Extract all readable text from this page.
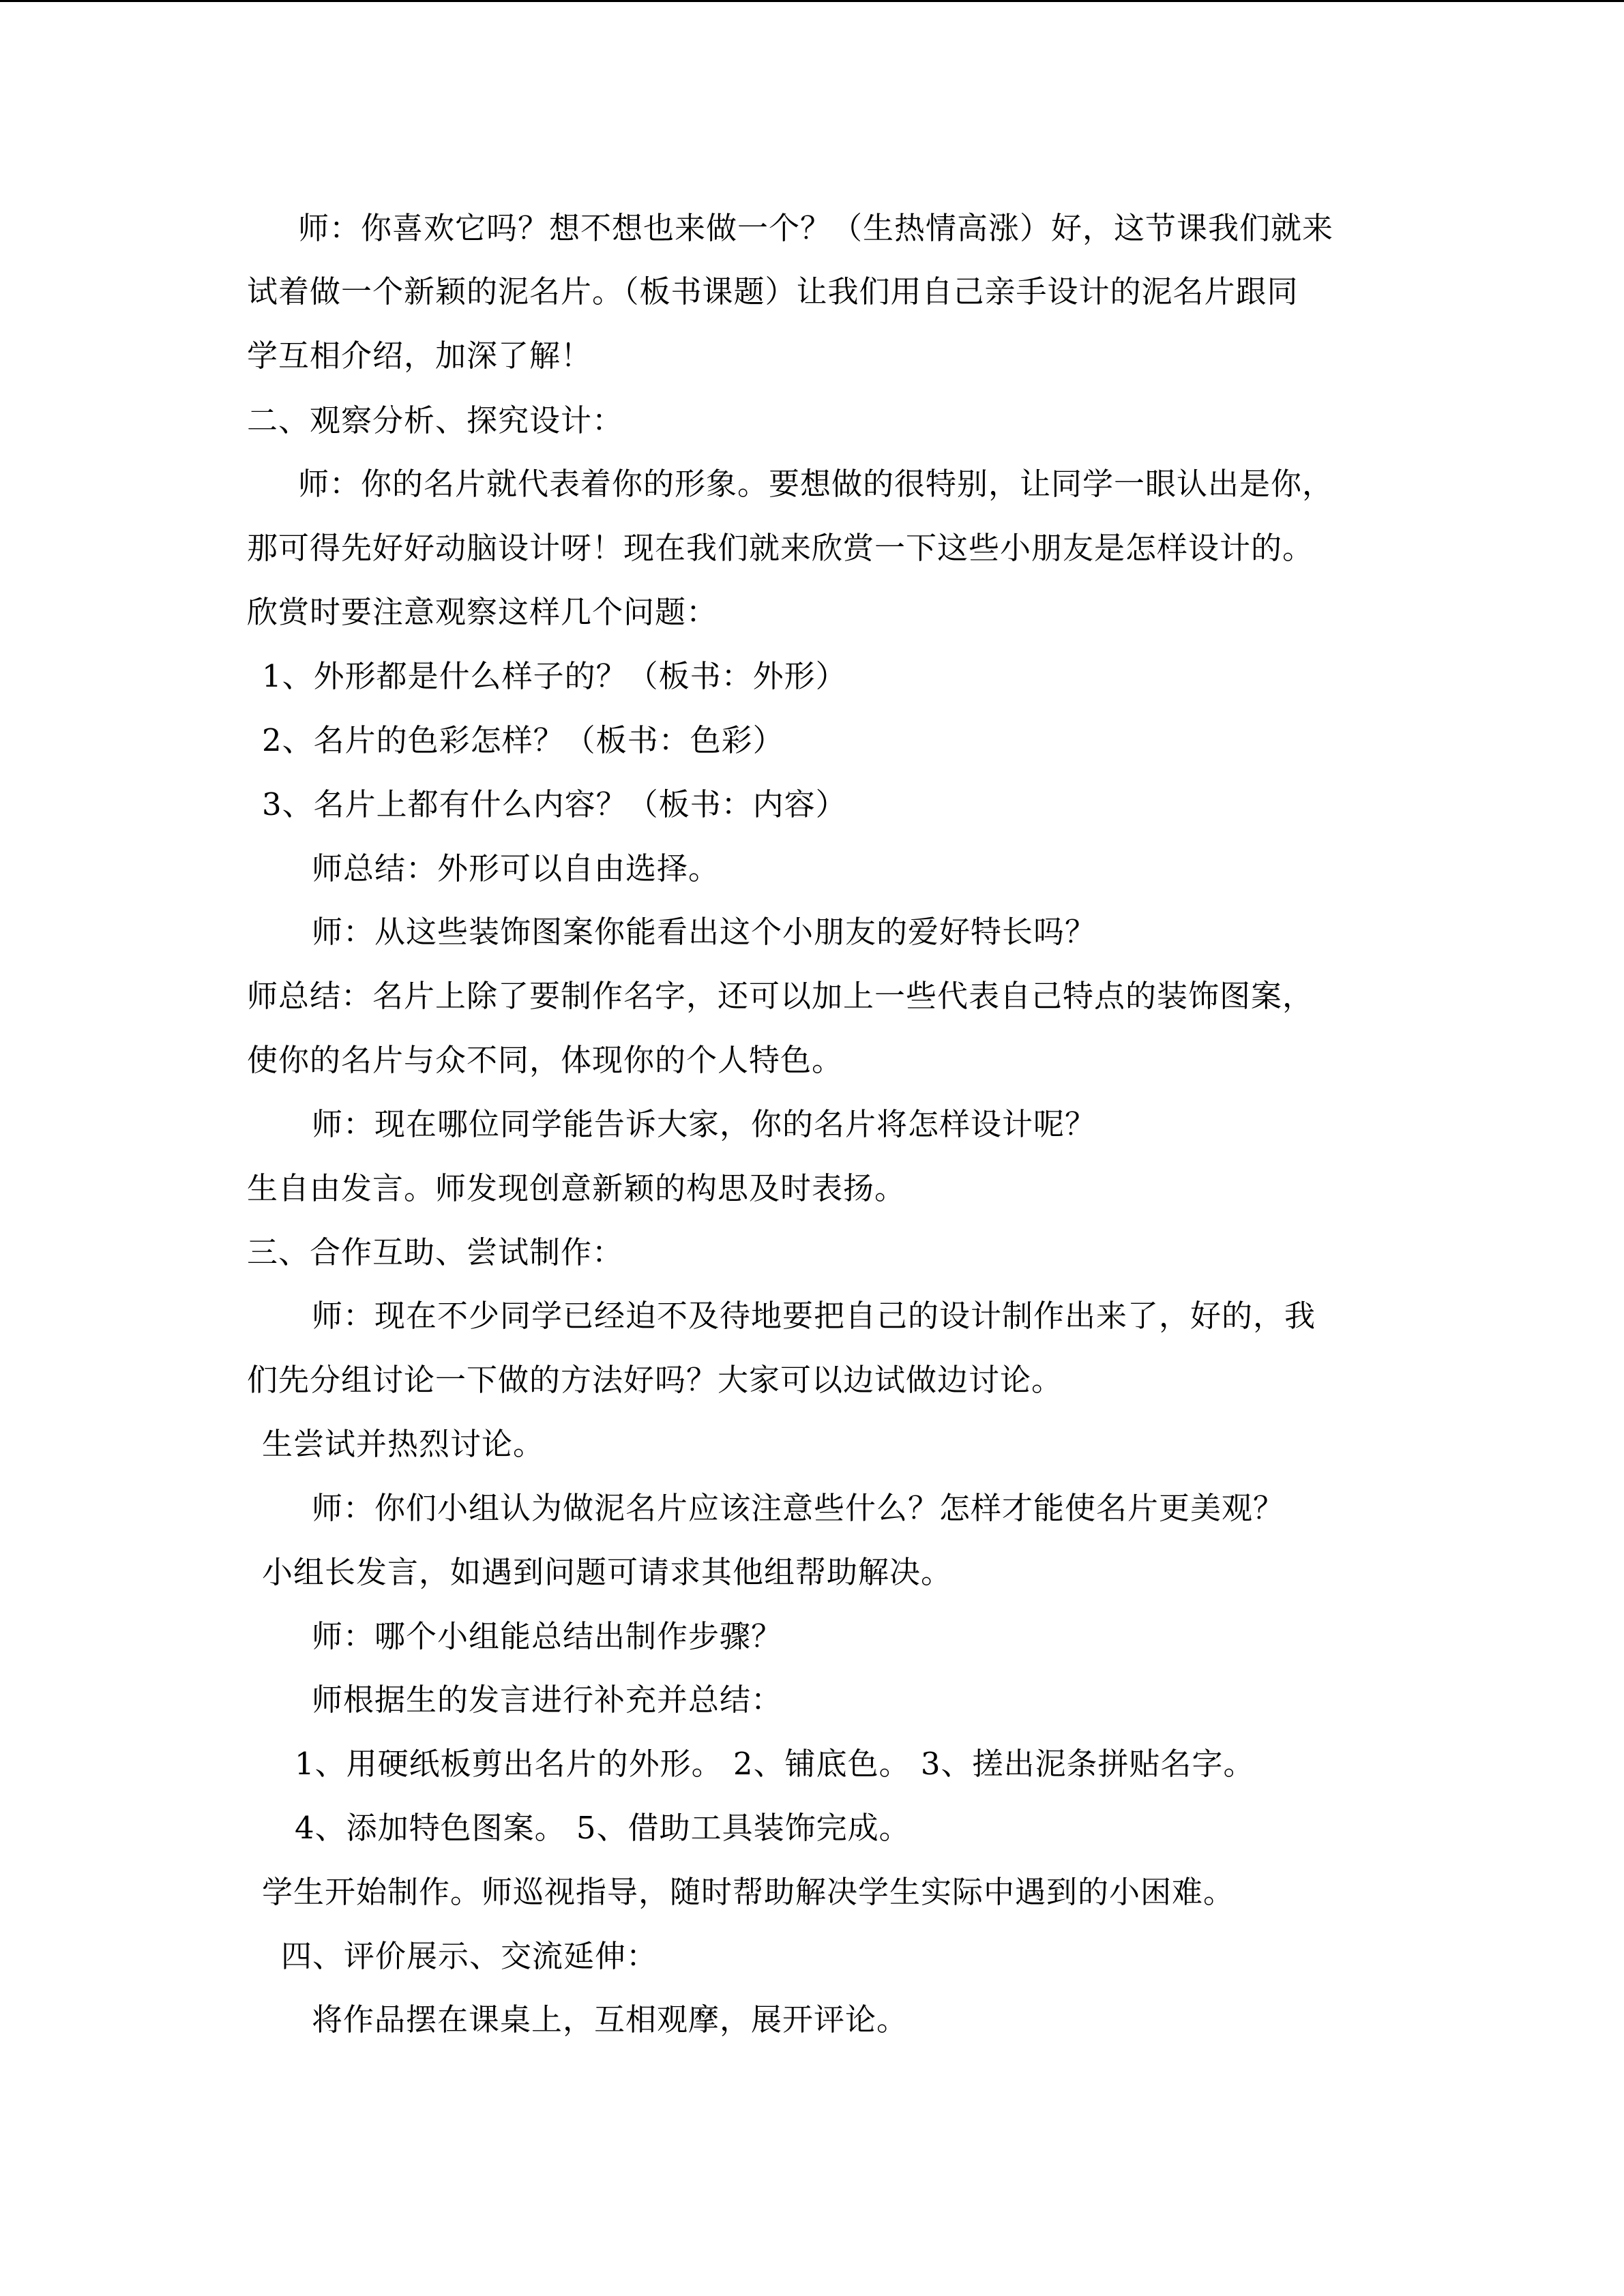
师：你喜欢它吗？想不想也来做一个？（生热情高涨）好，这节课我们就来
试着做一个新颖的泥名片。（板书课题）让我们用自己亲手设计的泥名片跟同
学互相介绍，加深了解！
二、观察分析、探究设计：
师：你的名片就代表着你的形象。要想做的很特别，让同学一眼认出是你，
那可得先好好动脑设计呀！现在我们就来欣赏一下这些小朋友是怎样设计的。
欣赏时要注意观察这样几个问题：
1、外形都是什么样子的？（板书：外形）
2、名片的色彩怎样？（板书：色彩）
3、名片上都有什么内容？（板书：内容）
师总结：外形可以自由选择。
师：从这些装饰图案你能看出这个小朋友的爱好特长吗？
师总结：名片上除了要制作名字，还可以加上一些代表自己特点的装饰图案，
使你的名片与众不同，体现你的个人特色。
师：现在哪位同学能告诉大家，你的名片将怎样设计呢？
生自由发言。师发现创意新颖的构思及时表扬。
三、合作互助、尝试制作：
师：现在不少同学已经迫不及待地要把自己的设计制作出来了，好的，我
们先分组讨论一下做的方法好吗？大家可以边试做边讨论。
生尝试并热烈讨论。
师：你们小组认为做泥名片应该注意些什么？怎样才能使名片更美观？
小组长发言，如遇到问题可请求其他组帮助解决。
师：哪个小组能总结出制作步骤？
师根据生的发言进行补充并总结：
1、用硬纸板剪出名片的外形。 2、铺底色。 3、搓出泥条拼贴名字。
4、添加特色图案。 5、借助工具装饰完成。
学生开始制作。师巡视指导，随时帮助解决学生实际中遇到的小困难。
四、评价展示、交流延伸：
将作品摆在课桌上，互相观摩，展开评论。
